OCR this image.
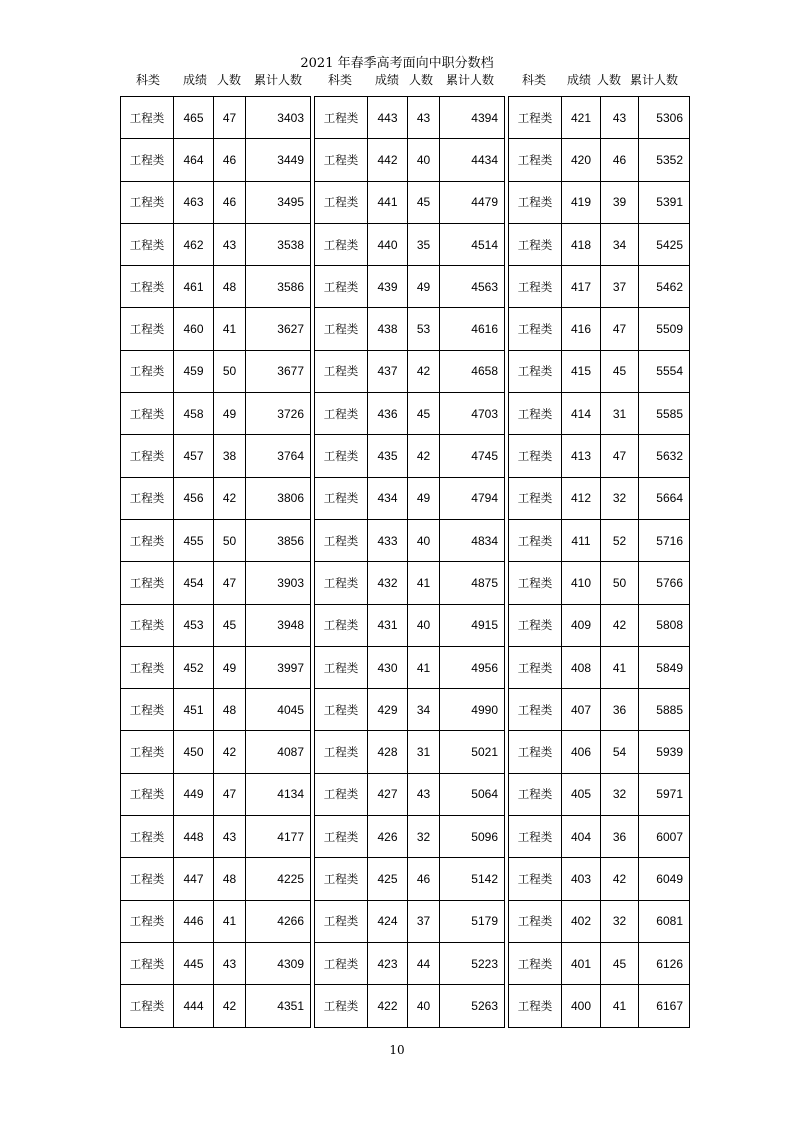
2021 年春季高考面向中职分数档
科类	成绩 人数	累计人数	科类	成绩 人数	累计人数	科类	成绩 人数 累计人数
工程类	465	47	3403
工程类	464	46	3449
工程类	463	46	3495
工程类	462	43	3538
工程类	461	48	3586
工程类	460	41	3627
工程类	459	50	3677
工程类	458	49	3726
工程类	457	38	3764
工程类	456	42	3806
工程类	455	50	3856
工程类	454	47	3903
工程类	453	45	3948
工程类	452	49	3997
工程类	451	48	4045
工程类	450	42	4087
工程类	449	47	4134
工程类	448	43	4177
工程类	447	48	4225
工程类	446	41	4266
工程类	445	43	4309
工程类	444	42	4351
工程类	443	43	4394
工程类	442	40	4434
工程类	441	45	4479
工程类	440	35	4514
工程类	439	49	4563
工程类	438	53	4616
工程类	437	42	4658
工程类	436	45	4703
工程类	435	42	4745
工程类	434	49	4794
工程类	433	40	4834
工程类	432	41	4875
工程类	431	40	4915
工程类	430	41	4956
工程类	429	34	4990
工程类	428	31	5021
工程类	427	43	5064
工程类	426	32	5096
工程类	425	46	5142
工程类	424	37	5179
工程类	423	44	5223
工程类	422	40	5263
工程类	421	43	5306
工程类	420	46	5352
工程类	419	39	5391
工程类	418	34	5425
工程类	417	37	5462
工程类	416	47	5509
工程类	415	45	5554
工程类	414	31	5585
工程类	413	47	5632
工程类	412	32	5664
工程类	411	52	5716
工程类	410	50	5766
工程类	409	42	5808
工程类	408	41	5849
工程类	407	36	5885
工程类	406	54	5939
工程类	405	32	5971
工程类	404	36	6007
工程类	403	42	6049
工程类	402	32	6081
工程类	401	45	6126
工程类	400	41	6167
10
